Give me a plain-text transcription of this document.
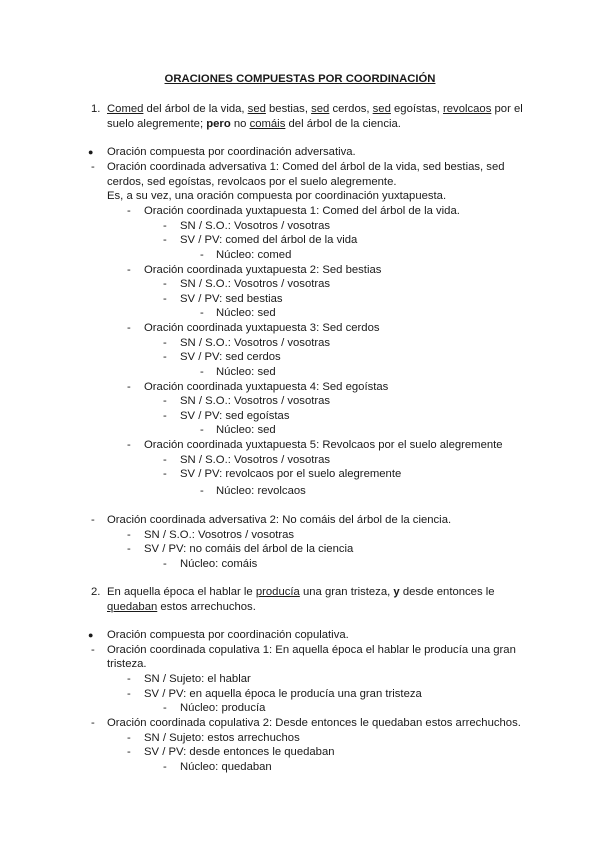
ORACIONES COMPUESTAS POR COORDINACIÓN
1. Comed del árbol de la vida, sed bestias, sed cerdos, sed egoístas, revolcaos por el
suelo alegremente; pero no comáis del árbol de la ciencia.
● Oración compuesta por coordinación adversativa.
- Oración coordinada adversativa 1: Comed del árbol de la vida, sed bestias, sed
cerdos, sed egoístas, revolcaos por el suelo alegremente.
Es, a su vez, una oración compuesta por coordinación yuxtapuesta.
- Oración coordinada yuxtapuesta 1: Comed del árbol de la vida.
- SN / S.O.: Vosotros / vosotras
- SV / PV: comed del árbol de la vida
- Núcleo: comed
- Oración coordinada yuxtapuesta 2: Sed bestias
- SN / S.O.: Vosotros / vosotras
- SV / PV: sed bestias
- Núcleo: sed
- Oración coordinada yuxtapuesta 3: Sed cerdos
- SN / S.O.: Vosotros / vosotras
- SV / PV: sed cerdos
- Núcleo: sed
- Oración coordinada yuxtapuesta 4: Sed egoístas
- SN / S.O.: Vosotros / vosotras
- SV / PV: sed egoístas
- Núcleo: sed
- Oración coordinada yuxtapuesta 5: Revolcaos por el suelo alegremente
- SN / S.O.: Vosotros / vosotras
- SV / PV: revolcaos por el suelo alegremente
- Núcleo: revolcaos
- Oración coordinada adversativa 2: No comáis del árbol de la ciencia.
- SN / S.O.: Vosotros / vosotras
- SV / PV: no comáis del árbol de la ciencia
- Núcleo: comáis
2. En aquella época el hablar le producía una gran tristeza, y desde entonces le
quedaban estos arrechuchos.
● Oración compuesta por coordinación copulativa.
- Oración coordinada copulativa 1: En aquella época el hablar le producía una gran
tristeza.
- SN / Sujeto: el hablar
- SV / PV: en aquella época le producía una gran tristeza
- Núcleo: producía
- Oración coordinada copulativa 2: Desde entonces le quedaban estos arrechuchos.
- SN / Sujeto: estos arrechuchos
- SV / PV: desde entonces le quedaban
- Núcleo: quedaban
